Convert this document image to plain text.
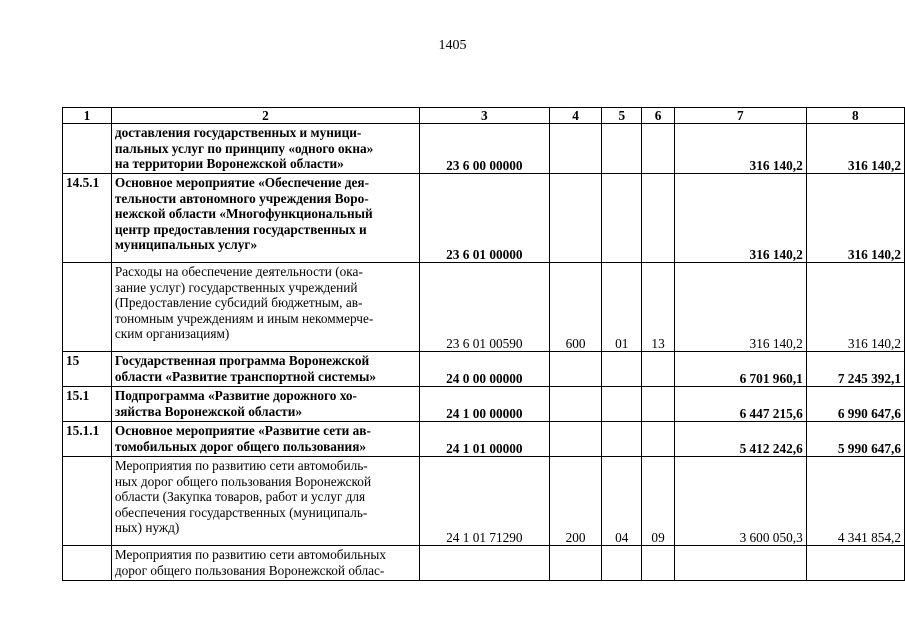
1405
1	2	3	4	5	6	7	8

	доставления государственных и муници-
пальных услуг по принципу «одного окна»
на территории Воронежской области»	23 6 00 00000				316 140,2	316 140,2
14.5.1	Основное мероприятие «Обеспечение дея-
тельности автономного учреждения Воро-
нежской области «Многофункциональный
центр предоставления государственных и
муниципальных услуг»	23 6 01 00000				316 140,2	316 140,2

	Расходы на обеспечение деятельности (ока-
зание услуг) государственных учреждений
(Предоставление субсидий бюджетным, ав-
тономным учреждениям и иным некоммерче-
ским организациям)	23 6 01 00590	600	01	13	316 140,2	316 140,2
15	Государственная программа Воронежской
области «Развитие транспортной системы»	24 0 00 00000				6 701 960,1	7 245 392,1
15.1	Подпрограмма «Развитие дорожного хо-
зяйства Воронежской области»	24 1 00 00000				6 447 215,6	6 990 647,6
15.1.1	Основное мероприятие «Развитие сети ав-
томобильных дорог общего пользования»	24 1 01 00000				5 412 242,6	5 990 647,6

	Мероприятия по развитию сети автомобиль-
ных дорог общего пользования Воронежской
области (Закупка товаров, работ и услуг для
обеспечения государственных (муниципаль-
ных) нужд)	24 1 01 71290	200	04	09	3 600 050,3	4 341 854,2

	Мероприятия по развитию сети автомобильных
дорог общего пользования Воронежской облас-						
